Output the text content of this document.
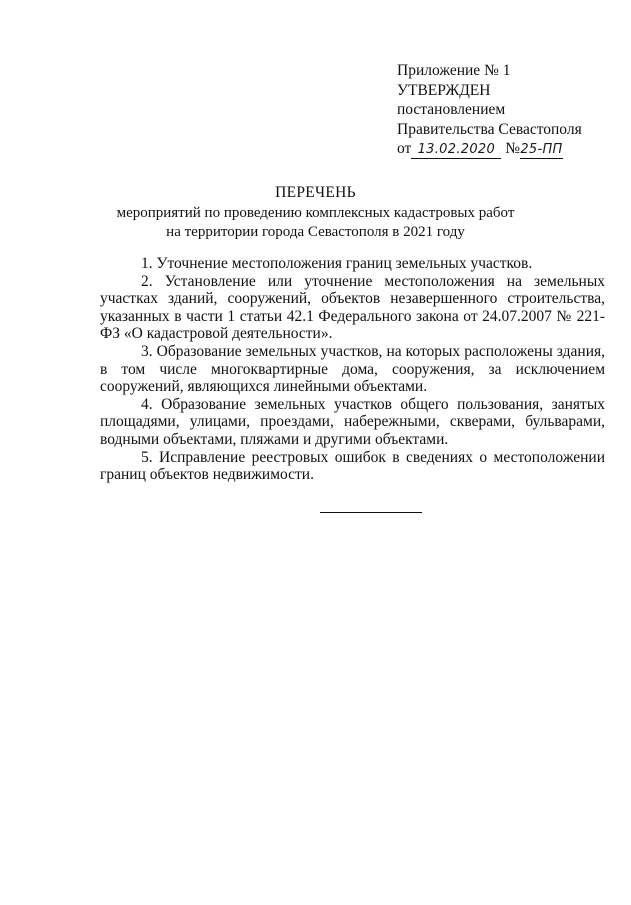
Приложение № 1
УТВЕРЖДЕН
постановлением
Правительства Севастополя
от 13.02.2020 №25-ПП
ПЕРЕЧЕНЬ
мероприятий по проведению комплексных кадастровых работ
на территории города Севастополя в 2021 году

1. Уточнение местоположения границ земельных участков.

2. Установление или уточнение местоположения на земельных участках зданий, сооружений, объектов незавершенного строительства, указанных в части 1 статьи 42.1 Федерального закона от 24.07.2007 № 221-ФЗ «О кадастровой деятельности».

3. Образование земельных участков, на которых расположены здания, в том числе многоквартирные дома, сооружения, за исключением сооружений, являющихся линейными объектами.

4. Образование земельных участков общего пользования, занятых площадями, улицами, проездами, набережными, скверами, бульварами, водными объектами, пляжами и другими объектами.

5. Исправление реестровых ошибок в сведениях о местоположении границ объектов недвижимости.
